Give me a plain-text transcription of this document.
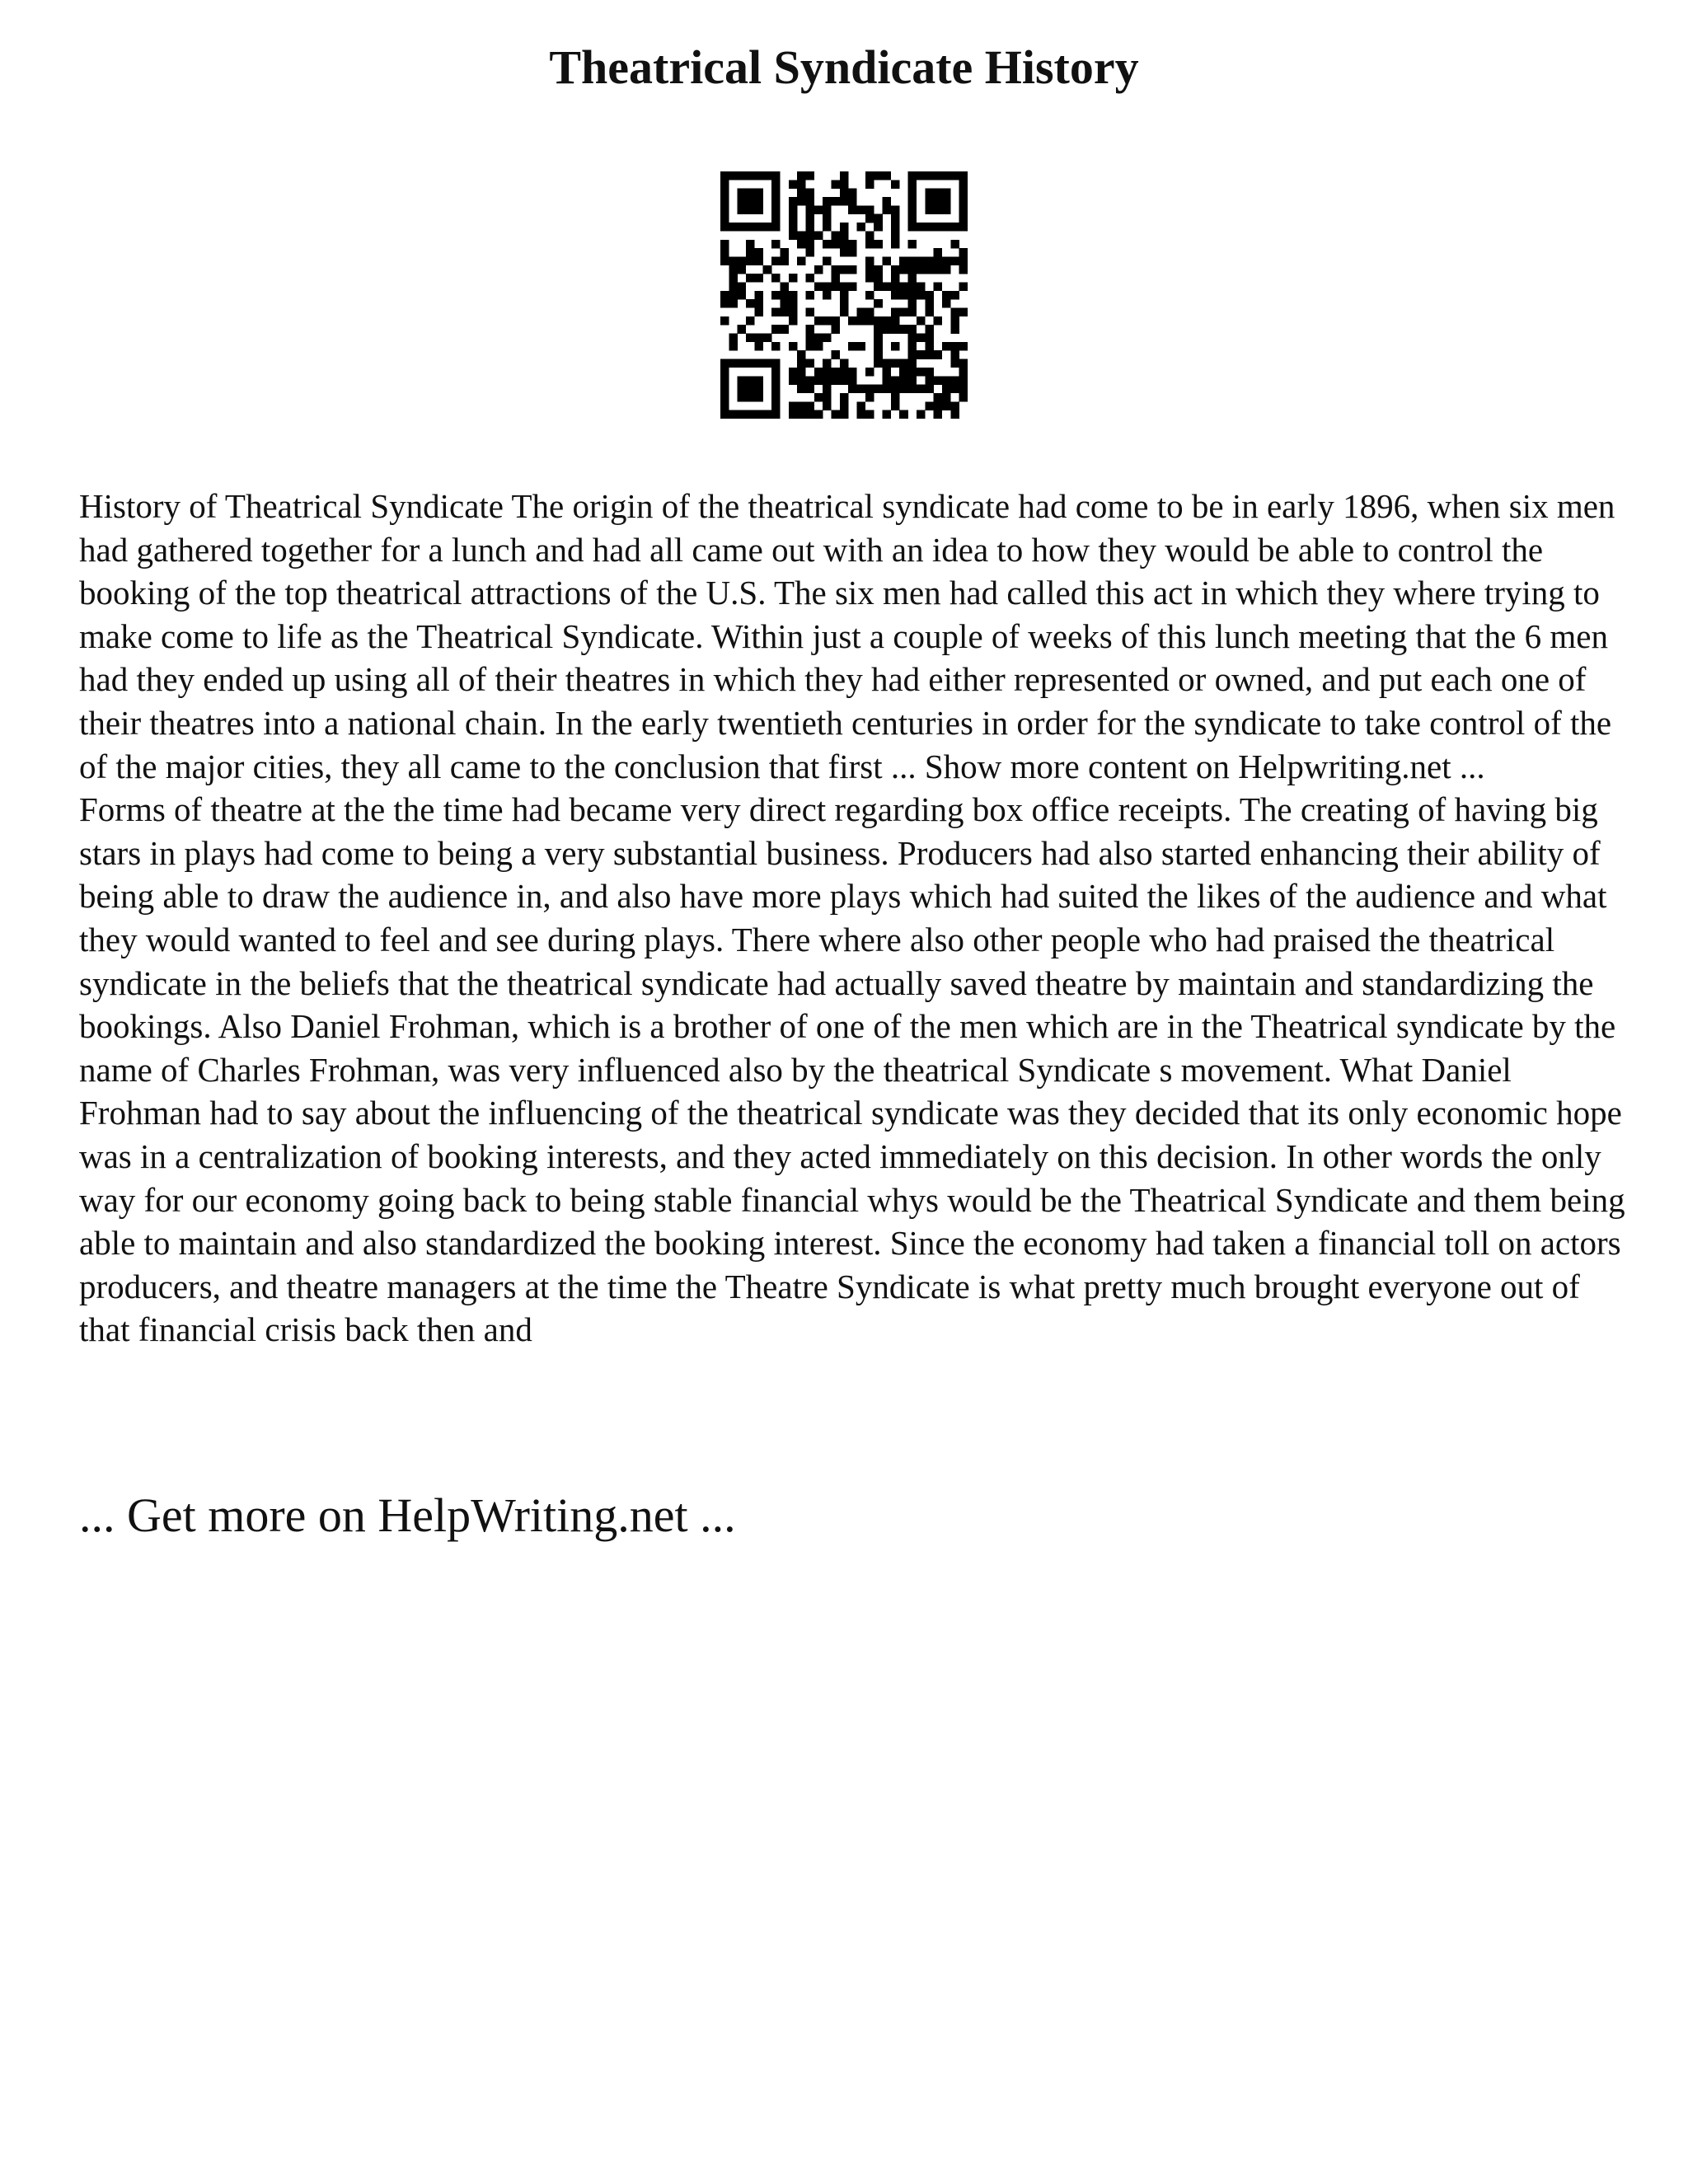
Theatrical Syndicate History

History of Theatrical Syndicate The origin of the theatrical syndicate had come to be in early 1896, when six men had gathered together for a lunch and had all came out with an idea to how they would be able to control the booking of the top theatrical attractions of the U.S. The six men had called this act in which they where trying to make come to life as the Theatrical Syndicate. Within just a couple of weeks of this lunch meeting that the 6 men had they ended up using all of their theatres in which they had either represented or owned, and put each one of their theatres into a national chain. In the early twentieth centuries in order for the syndicate to take control of the of the major cities, they all came to the conclusion that first ... Show more content on Helpwriting.net ...

Forms of theatre at the the time had became very direct regarding box office receipts. The creating of having big stars in plays had come to being a very substantial business. Producers had also started enhancing their ability of being able to draw the audience in, and also have more plays which had suited the likes of the audience and what they would wanted to feel and see during plays. There where also other people who had praised the theatrical syndicate in the beliefs that the theatrical syndicate had actually saved theatre by maintain and standardizing the bookings. Also Daniel Frohman, which is a brother of one of the men which are in the Theatrical syndicate by the name of Charles Frohman, was very influenced also by the theatrical Syndicate s movement. What Daniel Frohman had to say about the influencing of the theatrical syndicate was they decided that its only economic hope was in a centralization of booking interests, and they acted immediately on this decision. In other words the only way for our economy going back to being stable financial whys would be the Theatrical Syndicate and them being able to maintain and also standardized the booking interest. Since the economy had taken a financial toll on actors producers, and theatre managers at the time the Theatre Syndicate is what pretty much brought everyone out of that financial crisis back then and

... Get more on HelpWriting.net ...
